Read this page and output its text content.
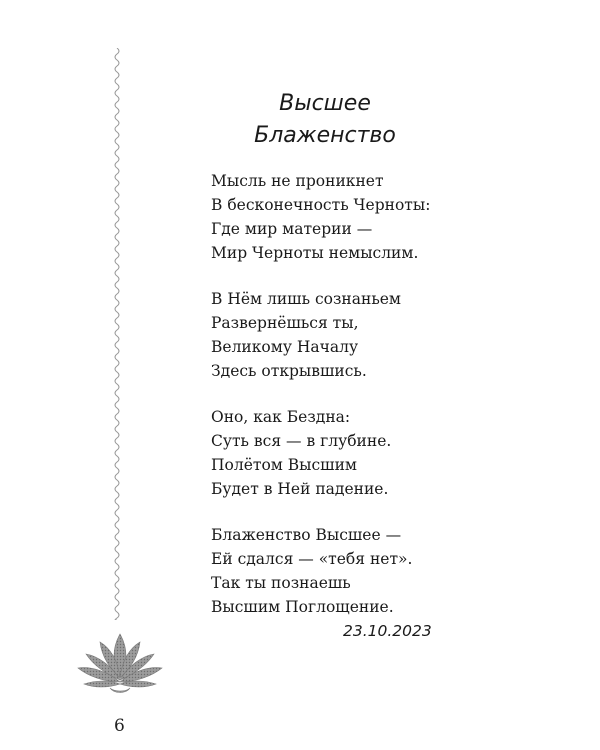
Высшее
Блаженство
Мысль не проникнет
В бесконечность Черноты:
Где мир материи —
Мир Черноты немыслим.
В Нём лишь сознаньем
Развернёшься ты,
Великому Началу
Здесь открывшись.
Оно, как Бездна:
Суть вся — в глубине.
Полётом Высшим
Будет в Ней падение.
Блаженство Высшее —
Ей сдался — «тебя нет».
Так ты познаешь
Высшим Поглощение.
23.10.2023
6
